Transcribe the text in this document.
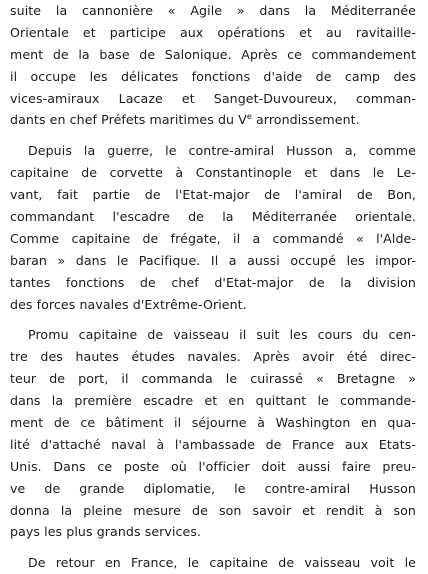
suite la cannonière « Agile » dans la Méditerranée
Orientale et participe aux opérations et au ravitaille-
ment de la base de Salonique. Après ce commandement
il occupe les délicates fonctions d'aide de camp des
vices-amiraux Lacaze et Sanget-Duvoureux, comman-
dants en chef Préfets maritimes du Ve arrondissement.
Depuis la guerre, le contre-amiral Husson a, comme
capitaine de corvette à Constantinople et dans le Le-
vant, fait partie de l'Etat-major de l'amiral de Bon,
commandant l'escadre de la Méditerranée orientale.
Comme capitaine de frégate, il a commandé « l'Alde-
baran » dans le Pacifique. Il a aussi occupé les impor-
tantes fonctions de chef d'Etat-major de la division
des forces navales d'Extrême-Orient.
Promu capitaine de vaisseau il suit les cours du cen-
tre des hautes études navales. Après avoir été direc-
teur de port, il commanda le cuirassé « Bretagne »
dans la première escadre et en quittant le commande-
ment de ce bâtiment il séjourne à Washington en qua-
lité d'attaché naval à l'ambassade de France aux Etats-
Unis. Dans ce poste où l'officier doit aussi faire preu-
ve de grande diplomatie, le contre-amiral Husson
donna la pleine mesure de son savoir et rendit à son
pays les plus grands services.
De retour en France, le capitaine de vaisseau voit le
